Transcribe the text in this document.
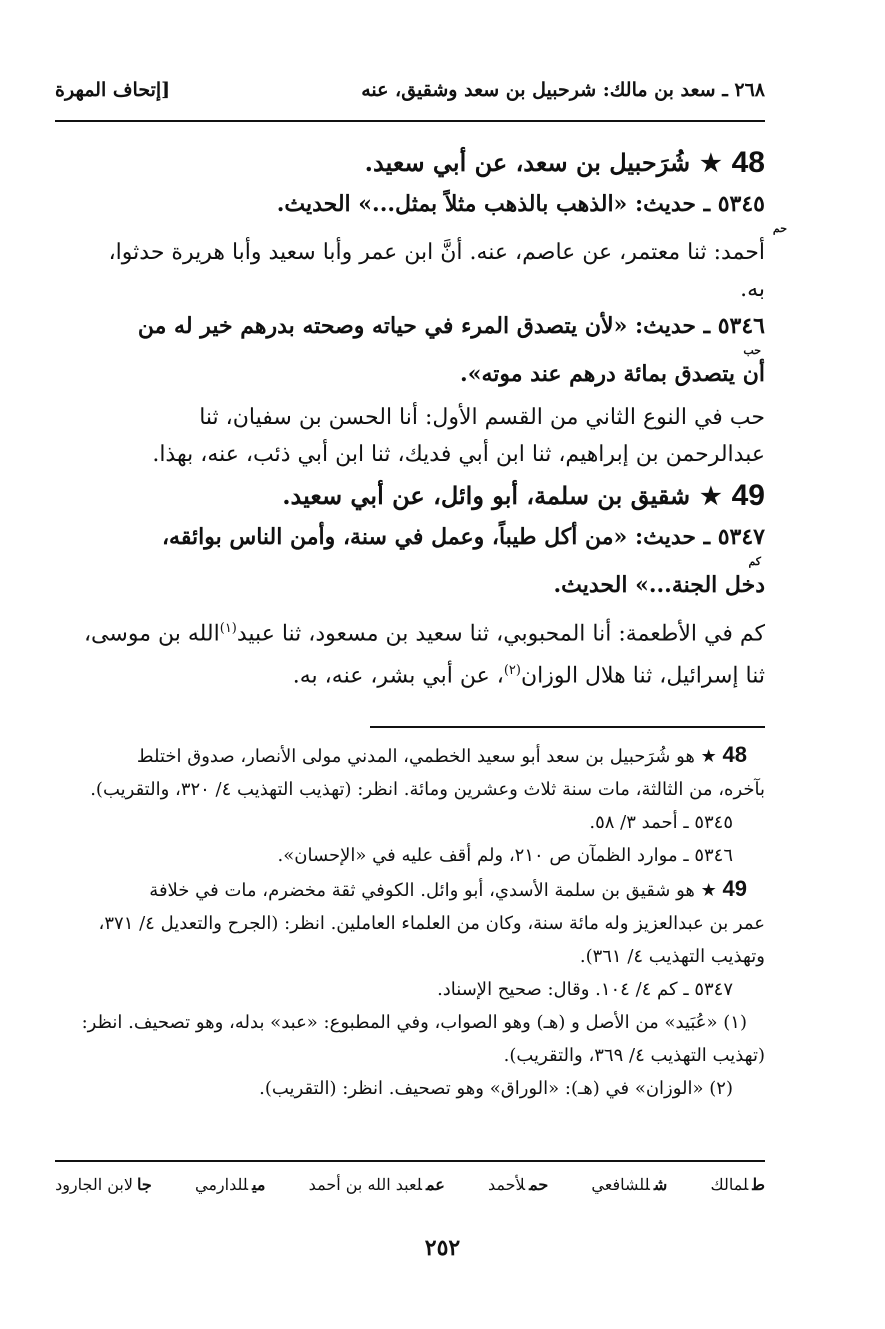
٢٦٨ ـ سعد بن مالك: شرحبيل بن سعد وشقيق، عنه
[إتحاف المهرة
48
★
شُرَحبيل بن سعد، عن أبي سعيد.
٥٣٤٥ ـ حديث: «الذهب بالذهب مثلاً بمثل...» الحديث.
حم
أحمد: ثنا معتمر، عن عاصم، عنه. أنَّ ابن عمر وأبا سعيد وأبا هريرة حدثوا،
به.
٥٣٤٦ ـ حديث: «لأن يتصدق المرء في حياته وصحته بدرهم خير له من
حب
أن يتصدق بمائة درهم عند موته».
حب في النوع الثاني من القسم الأول: أنا الحسن بن سفيان، ثنا
عبدالرحمن بن إبراهيم، ثنا ابن أبي فديك، ثنا ابن أبي ذئب، عنه، بهذا.
49
★
شقيق بن سلمة، أبو وائل، عن أبي سعيد.
٥٣٤٧ ـ حديث: «من أكل طيباً، وعمل في سنة، وأمن الناس بوائقه،
كم
دخل الجنة...» الحديث.
كم في الأطعمة: أنا المحبوبي، ثنا سعيد بن مسعود، ثنا عبيد$^{(١)}$الله بن موسى،
ثنا إسرائيل، ثنا هلال الوزان$^{(٢)}$، عن أبي بشر، عنه، به.
48 ★ هو شُرَحبيل بن سعد أبو سعيد الخطمي، المدني مولى الأنصار، صدوق اختلط
بآخره، من الثالثة، مات سنة ثلاث وعشرين ومائة. انظر: (تهذيب التهذيب ٤/ ٣٢٠، والتقريب).
٥٣٤٥ ـ أحمد ٣/ ٥٨.
٥٣٤٦ ـ موارد الظمآن ص ٢١٠، ولم أقف عليه في «الإحسان».
49 ★ هو شقيق بن سلمة الأسدي، أبو وائل. الكوفي ثقة مخضرم، مات في خلافة
عمر بن عبدالعزيز وله مائة سنة، وكان من العلماء العاملين. انظر: (الجرح والتعديل ٤/ ٣٧١،
وتهذيب التهذيب ٤/ ٣٦١).
٥٣٤٧ ـ كم ٤/ ١٠٤. وقال: صحيح الإسناد.
(١) «عُبَيد» من الأصل و (هـ) وهو الصواب، وفي المطبوع: «عبد» بدله، وهو تصحيف. انظر:
(تهذيب التهذيب ٤/ ٣٦٩، والتقريب).
(٢) «الوزان» في (هـ): «الوراق» وهو تصحيف. انظر: (التقريب).
طلمالك
شللشافعي
حملأحمد
عملعبد الله بن أحمد
ميللدارمي
جالابن الجارود
٢٥٢
